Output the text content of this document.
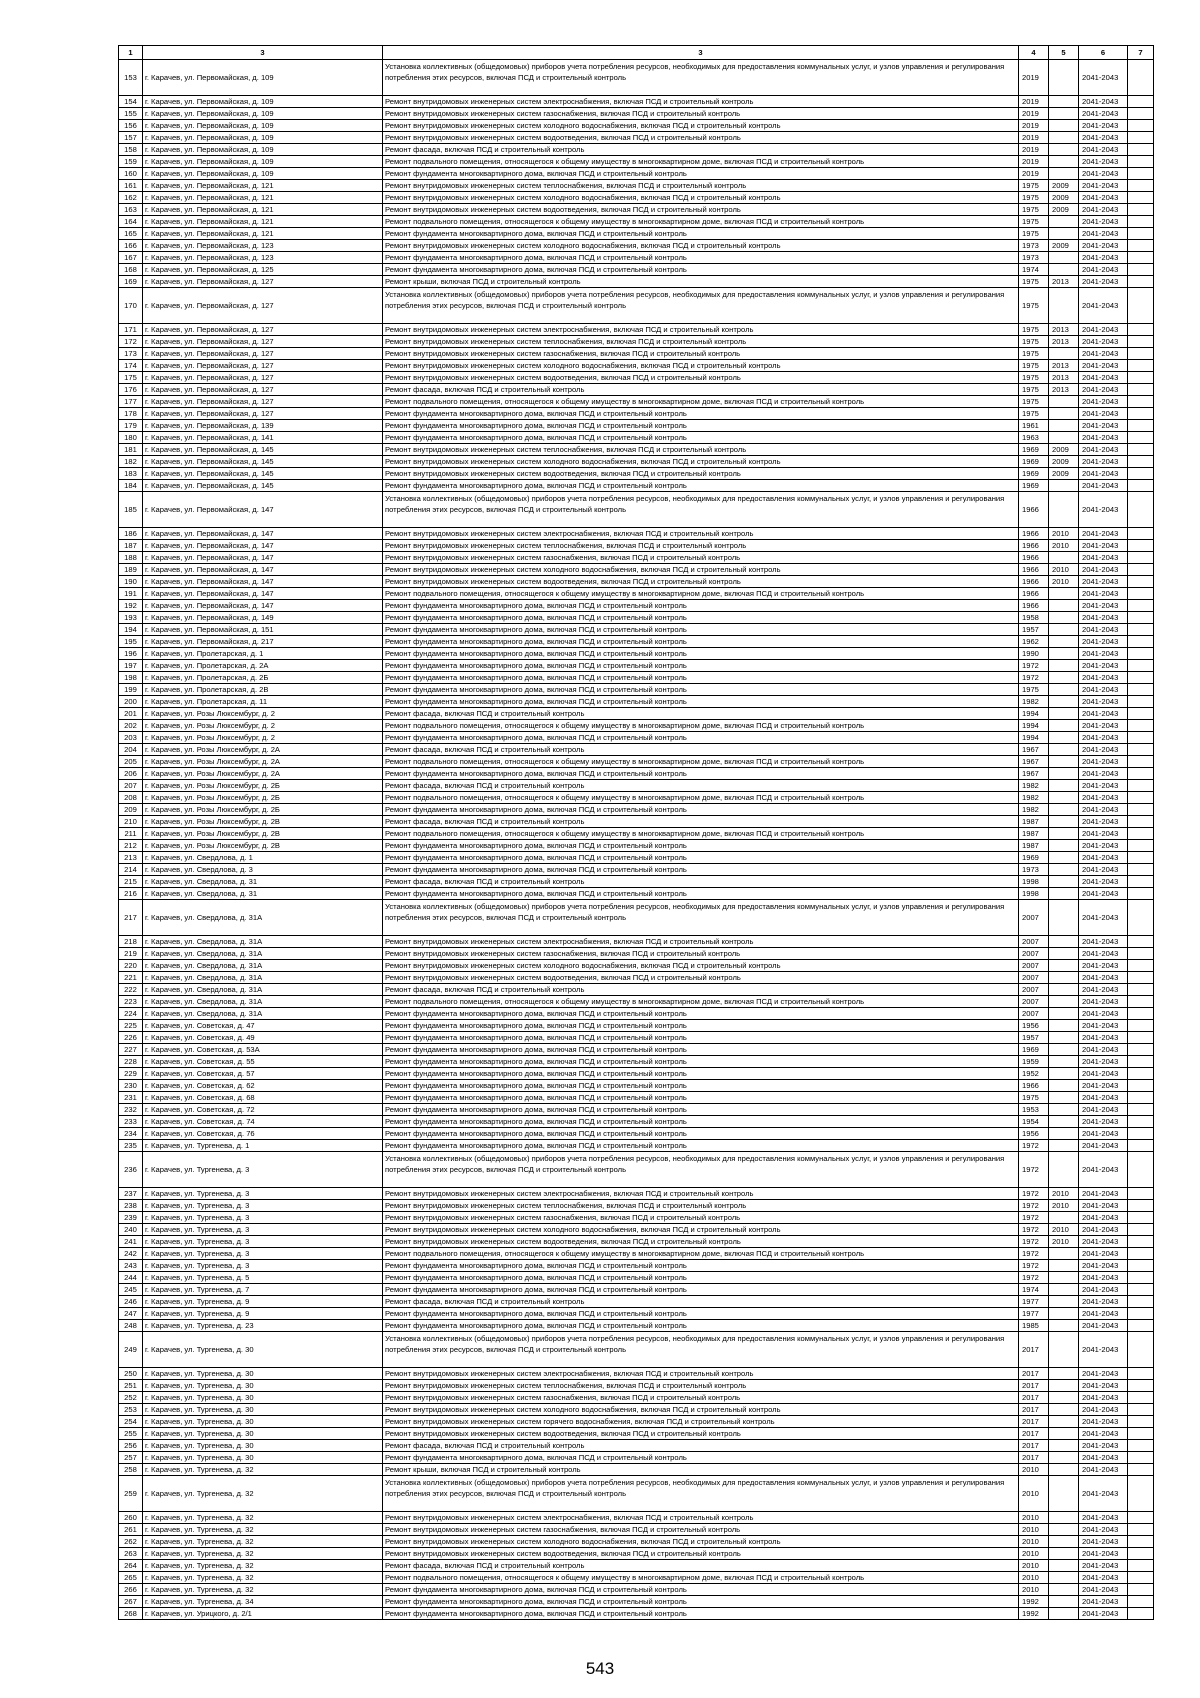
1	3	3	4	5	6	7
153	г. Карачев, ул. Первомайская, д. 109	Установка коллективных (общедомовых) приборов учета потребления ресурсов, необходимых для предоставления коммунальных услуг, и узлов управления и регулирования потребления этих ресурсов, включая ПСД и строительный контроль	2019		2041-2043	
154	г. Карачев, ул. Первомайская, д. 109	Ремонт внутридомовых инженерных систем электроснабжения, включая ПСД и строительный контроль	2019		2041-2043	
155	г. Карачев, ул. Первомайская, д. 109	Ремонт внутридомовых инженерных систем газоснабжения, включая ПСД и строительный контроль	2019		2041-2043	
156	г. Карачев, ул. Первомайская, д. 109	Ремонт внутридомовых инженерных систем холодного водоснабжения, включая ПСД и строительный контроль	2019		2041-2043	
157	г. Карачев, ул. Первомайская, д. 109	Ремонт внутридомовых инженерных систем водоотведения, включая ПСД и строительный контроль	2019		2041-2043	
158	г. Карачев, ул. Первомайская, д. 109	Ремонт фасада, включая ПСД и строительный контроль	2019		2041-2043	
159	г. Карачев, ул. Первомайская, д. 109	Ремонт подвального помещения, относящегося к общему имуществу в многоквартирном доме, включая ПСД и строительный контроль	2019		2041-2043	
160	г. Карачев, ул. Первомайская, д. 109	Ремонт фундамента многоквартирного дома, включая ПСД и строительный контроль	2019		2041-2043	
161	г. Карачев, ул. Первомайская, д. 121	Ремонт внутридомовых инженерных систем теплоснабжения, включая ПСД и строительный контроль	1975	2009	2041-2043	
162	г. Карачев, ул. Первомайская, д. 121	Ремонт внутридомовых инженерных систем холодного водоснабжения, включая ПСД и строительный контроль	1975	2009	2041-2043	
163	г. Карачев, ул. Первомайская, д. 121	Ремонт внутридомовых инженерных систем водоотведения, включая ПСД и строительный контроль	1975	2009	2041-2043	
164	г. Карачев, ул. Первомайская, д. 121	Ремонт подвального помещения, относящегося к общему имуществу в многоквартирном доме, включая ПСД и строительный контроль	1975		2041-2043	
165	г. Карачев, ул. Первомайская, д. 121	Ремонт фундамента многоквартирного дома, включая ПСД и строительный контроль	1975		2041-2043	
166	г. Карачев, ул. Первомайская, д. 123	Ремонт внутридомовых инженерных систем холодного водоснабжения, включая ПСД и строительный контроль	1973	2009	2041-2043	
167	г. Карачев, ул. Первомайская, д. 123	Ремонт фундамента многоквартирного дома, включая ПСД и строительный контроль	1973		2041-2043	
168	г. Карачев, ул. Первомайская, д. 125	Ремонт фундамента многоквартирного дома, включая ПСД и строительный контроль	1974		2041-2043	
169	г. Карачев, ул. Первомайская, д. 127	Ремонт крыши, включая ПСД и строительный контроль	1975	2013	2041-2043	
170	г. Карачев, ул. Первомайская, д. 127	Установка коллективных (общедомовых) приборов учета потребления ресурсов, необходимых для предоставления коммунальных услуг, и узлов управления и регулирования потребления этих ресурсов, включая ПСД и строительный контроль	1975		2041-2043	
171	г. Карачев, ул. Первомайская, д. 127	Ремонт внутридомовых инженерных систем электроснабжения, включая ПСД и строительный контроль	1975	2013	2041-2043	
172	г. Карачев, ул. Первомайская, д. 127	Ремонт внутридомовых инженерных систем теплоснабжения, включая ПСД и строительный контроль	1975	2013	2041-2043	
173	г. Карачев, ул. Первомайская, д. 127	Ремонт внутридомовых инженерных систем газоснабжения, включая ПСД и строительный контроль	1975		2041-2043	
174	г. Карачев, ул. Первомайская, д. 127	Ремонт внутридомовых инженерных систем холодного водоснабжения, включая ПСД и строительный контроль	1975	2013	2041-2043	
175	г. Карачев, ул. Первомайская, д. 127	Ремонт внутридомовых инженерных систем водоотведения, включая ПСД и строительный контроль	1975	2013	2041-2043	
176	г. Карачев, ул. Первомайская, д. 127	Ремонт фасада, включая ПСД и строительный контроль	1975	2013	2041-2043	
177	г. Карачев, ул. Первомайская, д. 127	Ремонт подвального помещения, относящегося к общему имуществу в многоквартирном доме, включая ПСД и строительный контроль	1975		2041-2043	
178	г. Карачев, ул. Первомайская, д. 127	Ремонт фундамента многоквартирного дома, включая ПСД и строительный контроль	1975		2041-2043	
179	г. Карачев, ул. Первомайская, д. 139	Ремонт фундамента многоквартирного дома, включая ПСД и строительный контроль	1961		2041-2043	
180	г. Карачев, ул. Первомайская, д. 141	Ремонт фундамента многоквартирного дома, включая ПСД и строительный контроль	1963		2041-2043	
181	г. Карачев, ул. Первомайская, д. 145	Ремонт внутридомовых инженерных систем теплоснабжения, включая ПСД и строительный контроль	1969	2009	2041-2043	
182	г. Карачев, ул. Первомайская, д. 145	Ремонт внутридомовых инженерных систем холодного водоснабжения, включая ПСД и строительный контроль	1969	2009	2041-2043	
183	г. Карачев, ул. Первомайская, д. 145	Ремонт внутридомовых инженерных систем водоотведения, включая ПСД и строительный контроль	1969	2009	2041-2043	
184	г. Карачев, ул. Первомайская, д. 145	Ремонт фундамента многоквартирного дома, включая ПСД и строительный контроль	1969		2041-2043	
185	г. Карачев, ул. Первомайская, д. 147	Установка коллективных (общедомовых) приборов учета потребления ресурсов, необходимых для предоставления коммунальных услуг, и узлов управления и регулирования потребления этих ресурсов, включая ПСД и строительный контроль	1966		2041-2043	
186	г. Карачев, ул. Первомайская, д. 147	Ремонт внутридомовых инженерных систем электроснабжения, включая ПСД и строительный контроль	1966	2010	2041-2043	
187	г. Карачев, ул. Первомайская, д. 147	Ремонт внутридомовых инженерных систем теплоснабжения, включая ПСД и строительный контроль	1966	2010	2041-2043	
188	г. Карачев, ул. Первомайская, д. 147	Ремонт внутридомовых инженерных систем газоснабжения, включая ПСД и строительный контроль	1966		2041-2043	
189	г. Карачев, ул. Первомайская, д. 147	Ремонт внутридомовых инженерных систем холодного водоснабжения, включая ПСД и строительный контроль	1966	2010	2041-2043	
190	г. Карачев, ул. Первомайская, д. 147	Ремонт внутридомовых инженерных систем водоотведения, включая ПСД и строительный контроль	1966	2010	2041-2043	
191	г. Карачев, ул. Первомайская, д. 147	Ремонт подвального помещения, относящегося к общему имуществу в многоквартирном доме, включая ПСД и строительный контроль	1966		2041-2043	
192	г. Карачев, ул. Первомайская, д. 147	Ремонт фундамента многоквартирного дома, включая ПСД и строительный контроль	1966		2041-2043	
193	г. Карачев, ул. Первомайская, д. 149	Ремонт фундамента многоквартирного дома, включая ПСД и строительный контроль	1958		2041-2043	
194	г. Карачев, ул. Первомайская, д. 151	Ремонт фундамента многоквартирного дома, включая ПСД и строительный контроль	1957		2041-2043	
195	г. Карачев, ул. Первомайская, д. 217	Ремонт фундамента многоквартирного дома, включая ПСД и строительный контроль	1962		2041-2043	
196	г. Карачев, ул. Пролетарская, д. 1	Ремонт фундамента многоквартирного дома, включая ПСД и строительный контроль	1990		2041-2043	
197	г. Карачев, ул. Пролетарская, д. 2А	Ремонт фундамента многоквартирного дома, включая ПСД и строительный контроль	1972		2041-2043	
198	г. Карачев, ул. Пролетарская, д. 2Б	Ремонт фундамента многоквартирного дома, включая ПСД и строительный контроль	1972		2041-2043	
199	г. Карачев, ул. Пролетарская, д. 2В	Ремонт фундамента многоквартирного дома, включая ПСД и строительный контроль	1975		2041-2043	
200	г. Карачев, ул. Пролетарская, д. 11	Ремонт фундамента многоквартирного дома, включая ПСД и строительный контроль	1982		2041-2043	
201	г. Карачев, ул. Розы Люксембург, д. 2	Ремонт фасада, включая ПСД и строительный контроль	1994		2041-2043	
202	г. Карачев, ул. Розы Люксембург, д. 2	Ремонт подвального помещения, относящегося к общему имуществу в многоквартирном доме, включая ПСД и строительный контроль	1994		2041-2043	
203	г. Карачев, ул. Розы Люксембург, д. 2	Ремонт фундамента многоквартирного дома, включая ПСД и строительный контроль	1994		2041-2043	
204	г. Карачев, ул. Розы Люксембург, д. 2А	Ремонт фасада, включая ПСД и строительный контроль	1967		2041-2043	
205	г. Карачев, ул. Розы Люксембург, д. 2А	Ремонт подвального помещения, относящегося к общему имуществу в многоквартирном доме, включая ПСД и строительный контроль	1967		2041-2043	
206	г. Карачев, ул. Розы Люксембург, д. 2А	Ремонт фундамента многоквартирного дома, включая ПСД и строительный контроль	1967		2041-2043	
207	г. Карачев, ул. Розы Люксембург, д. 2Б	Ремонт фасада, включая ПСД и строительный контроль	1982		2041-2043	
208	г. Карачев, ул. Розы Люксембург, д. 2Б	Ремонт подвального помещения, относящегося к общему имуществу в многоквартирном доме, включая ПСД и строительный контроль	1982		2041-2043	
209	г. Карачев, ул. Розы Люксембург, д. 2Б	Ремонт фундамента многоквартирного дома, включая ПСД и строительный контроль	1982		2041-2043	
210	г. Карачев, ул. Розы Люксембург, д. 2В	Ремонт фасада, включая ПСД и строительный контроль	1987		2041-2043	
211	г. Карачев, ул. Розы Люксембург, д. 2В	Ремонт подвального помещения, относящегося к общему имуществу в многоквартирном доме, включая ПСД и строительный контроль	1987		2041-2043	
212	г. Карачев, ул. Розы Люксембург, д. 2В	Ремонт фундамента многоквартирного дома, включая ПСД и строительный контроль	1987		2041-2043	
213	г. Карачев, ул. Свердлова, д. 1	Ремонт фундамента многоквартирного дома, включая ПСД и строительный контроль	1969		2041-2043	
214	г. Карачев, ул. Свердлова, д. 3	Ремонт фундамента многоквартирного дома, включая ПСД и строительный контроль	1973		2041-2043	
215	г. Карачев, ул. Свердлова, д. 31	Ремонт фасада, включая ПСД и строительный контроль	1998		2041-2043	
216	г. Карачев, ул. Свердлова, д. 31	Ремонт фундамента многоквартирного дома, включая ПСД и строительный контроль	1998		2041-2043	
217	г. Карачев, ул. Свердлова, д. 31А	Установка коллективных (общедомовых) приборов учета потребления ресурсов, необходимых для предоставления коммунальных услуг, и узлов управления и регулирования потребления этих ресурсов, включая ПСД и строительный контроль	2007		2041-2043	
218	г. Карачев, ул. Свердлова, д. 31А	Ремонт внутридомовых инженерных систем электроснабжения, включая ПСД и строительный контроль	2007		2041-2043	
219	г. Карачев, ул. Свердлова, д. 31А	Ремонт внутридомовых инженерных систем газоснабжения, включая ПСД и строительный контроль	2007		2041-2043	
220	г. Карачев, ул. Свердлова, д. 31А	Ремонт внутридомовых инженерных систем холодного водоснабжения, включая ПСД и строительный контроль	2007		2041-2043	
221	г. Карачев, ул. Свердлова, д. 31А	Ремонт внутридомовых инженерных систем водоотведения, включая ПСД и строительный контроль	2007		2041-2043	
222	г. Карачев, ул. Свердлова, д. 31А	Ремонт фасада, включая ПСД и строительный контроль	2007		2041-2043	
223	г. Карачев, ул. Свердлова, д. 31А	Ремонт подвального помещения, относящегося к общему имуществу в многоквартирном доме, включая ПСД и строительный контроль	2007		2041-2043	
224	г. Карачев, ул. Свердлова, д. 31А	Ремонт фундамента многоквартирного дома, включая ПСД и строительный контроль	2007		2041-2043	
225	г. Карачев, ул. Советская, д. 47	Ремонт фундамента многоквартирного дома, включая ПСД и строительный контроль	1956		2041-2043	
226	г. Карачев, ул. Советская, д. 49	Ремонт фундамента многоквартирного дома, включая ПСД и строительный контроль	1957		2041-2043	
227	г. Карачев, ул. Советская, д. 53А	Ремонт фундамента многоквартирного дома, включая ПСД и строительный контроль	1969		2041-2043	
228	г. Карачев, ул. Советская, д. 55	Ремонт фундамента многоквартирного дома, включая ПСД и строительный контроль	1959		2041-2043	
229	г. Карачев, ул. Советская, д. 57	Ремонт фундамента многоквартирного дома, включая ПСД и строительный контроль	1952		2041-2043	
230	г. Карачев, ул. Советская, д. 62	Ремонт фундамента многоквартирного дома, включая ПСД и строительный контроль	1966		2041-2043	
231	г. Карачев, ул. Советская, д. 68	Ремонт фундамента многоквартирного дома, включая ПСД и строительный контроль	1975		2041-2043	
232	г. Карачев, ул. Советская, д. 72	Ремонт фундамента многоквартирного дома, включая ПСД и строительный контроль	1953		2041-2043	
233	г. Карачев, ул. Советская, д. 74	Ремонт фундамента многоквартирного дома, включая ПСД и строительный контроль	1954		2041-2043	
234	г. Карачев, ул. Советская, д. 76	Ремонт фундамента многоквартирного дома, включая ПСД и строительный контроль	1956		2041-2043	
235	г. Карачев, ул. Тургенева, д. 1	Ремонт фундамента многоквартирного дома, включая ПСД и строительный контроль	1972		2041-2043	
236	г. Карачев, ул. Тургенева, д. 3	Установка коллективных (общедомовых) приборов учета потребления ресурсов, необходимых для предоставления коммунальных услуг, и узлов управления и регулирования потребления этих ресурсов, включая ПСД и строительный контроль	1972		2041-2043	
237	г. Карачев, ул. Тургенева, д. 3	Ремонт внутридомовых инженерных систем электроснабжения, включая ПСД и строительный контроль	1972	2010	2041-2043	
238	г. Карачев, ул. Тургенева, д. 3	Ремонт внутридомовых инженерных систем теплоснабжения, включая ПСД и строительный контроль	1972	2010	2041-2043	
239	г. Карачев, ул. Тургенева, д. 3	Ремонт внутридомовых инженерных систем газоснабжения, включая ПСД и строительный контроль	1972		2041-2043	
240	г. Карачев, ул. Тургенева, д. 3	Ремонт внутридомовых инженерных систем холодного водоснабжения, включая ПСД и строительный контроль	1972	2010	2041-2043	
241	г. Карачев, ул. Тургенева, д. 3	Ремонт внутридомовых инженерных систем водоотведения, включая ПСД и строительный контроль	1972	2010	2041-2043	
242	г. Карачев, ул. Тургенева, д. 3	Ремонт подвального помещения, относящегося к общему имуществу в многоквартирном доме, включая ПСД и строительный контроль	1972		2041-2043	
243	г. Карачев, ул. Тургенева, д. 3	Ремонт фундамента многоквартирного дома, включая ПСД и строительный контроль	1972		2041-2043	
244	г. Карачев, ул. Тургенева, д. 5	Ремонт фундамента многоквартирного дома, включая ПСД и строительный контроль	1972		2041-2043	
245	г. Карачев, ул. Тургенева, д. 7	Ремонт фундамента многоквартирного дома, включая ПСД и строительный контроль	1974		2041-2043	
246	г. Карачев, ул. Тургенева, д. 9	Ремонт фасада, включая ПСД и строительный контроль	1977		2041-2043	
247	г. Карачев, ул. Тургенева, д. 9	Ремонт фундамента многоквартирного дома, включая ПСД и строительный контроль	1977		2041-2043	
248	г. Карачев, ул. Тургенева, д. 23	Ремонт фундамента многоквартирного дома, включая ПСД и строительный контроль	1985		2041-2043	
249	г. Карачев, ул. Тургенева, д. 30	Установка коллективных (общедомовых) приборов учета потребления ресурсов, необходимых для предоставления коммунальных услуг, и узлов управления и регулирования потребления этих ресурсов, включая ПСД и строительный контроль	2017		2041-2043	
250	г. Карачев, ул. Тургенева, д. 30	Ремонт внутридомовых инженерных систем электроснабжения, включая ПСД и строительный контроль	2017		2041-2043	
251	г. Карачев, ул. Тургенева, д. 30	Ремонт внутридомовых инженерных систем теплоснабжения, включая ПСД и строительный контроль	2017		2041-2043	
252	г. Карачев, ул. Тургенева, д. 30	Ремонт внутридомовых инженерных систем газоснабжения, включая ПСД и строительный контроль	2017		2041-2043	
253	г. Карачев, ул. Тургенева, д. 30	Ремонт внутридомовых инженерных систем холодного водоснабжения, включая ПСД и строительный контроль	2017		2041-2043	
254	г. Карачев, ул. Тургенева, д. 30	Ремонт внутридомовых инженерных систем горячего водоснабжения, включая ПСД и строительный контроль	2017		2041-2043	
255	г. Карачев, ул. Тургенева, д. 30	Ремонт внутридомовых инженерных систем водоотведения, включая ПСД и строительный контроль	2017		2041-2043	
256	г. Карачев, ул. Тургенева, д. 30	Ремонт фасада, включая ПСД и строительный контроль	2017		2041-2043	
257	г. Карачев, ул. Тургенева, д. 30	Ремонт фундамента многоквартирного дома, включая ПСД и строительный контроль	2017		2041-2043	
258	г. Карачев, ул. Тургенева, д. 32	Ремонт крыши, включая ПСД и строительный контроль	2010		2041-2043	
259	г. Карачев, ул. Тургенева, д. 32	Установка коллективных (общедомовых) приборов учета потребления ресурсов, необходимых для предоставления коммунальных услуг, и узлов управления и регулирования потребления этих ресурсов, включая ПСД и строительный контроль	2010		2041-2043	
260	г. Карачев, ул. Тургенева, д. 32	Ремонт внутридомовых инженерных систем электроснабжения, включая ПСД и строительный контроль	2010		2041-2043	
261	г. Карачев, ул. Тургенева, д. 32	Ремонт внутридомовых инженерных систем газоснабжения, включая ПСД и строительный контроль	2010		2041-2043	
262	г. Карачев, ул. Тургенева, д. 32	Ремонт внутридомовых инженерных систем холодного водоснабжения, включая ПСД и строительный контроль	2010		2041-2043	
263	г. Карачев, ул. Тургенева, д. 32	Ремонт внутридомовых инженерных систем водоотведения, включая ПСД и строительный контроль	2010		2041-2043	
264	г. Карачев, ул. Тургенева, д. 32	Ремонт фасада, включая ПСД и строительный контроль	2010		2041-2043	
265	г. Карачев, ул. Тургенева, д. 32	Ремонт подвального помещения, относящегося к общему имуществу в многоквартирном доме, включая ПСД и строительный контроль	2010		2041-2043	
266	г. Карачев, ул. Тургенева, д. 32	Ремонт фундамента многоквартирного дома, включая ПСД и строительный контроль	2010		2041-2043	
267	г. Карачев, ул. Тургенева, д. 34	Ремонт фундамента многоквартирного дома, включая ПСД и строительный контроль	1992		2041-2043	
268	г. Карачев, ул. Урицкого, д. 2/1	Ремонт фундамента многоквартирного дома, включая ПСД и строительный контроль	1992		2041-2043	
543
